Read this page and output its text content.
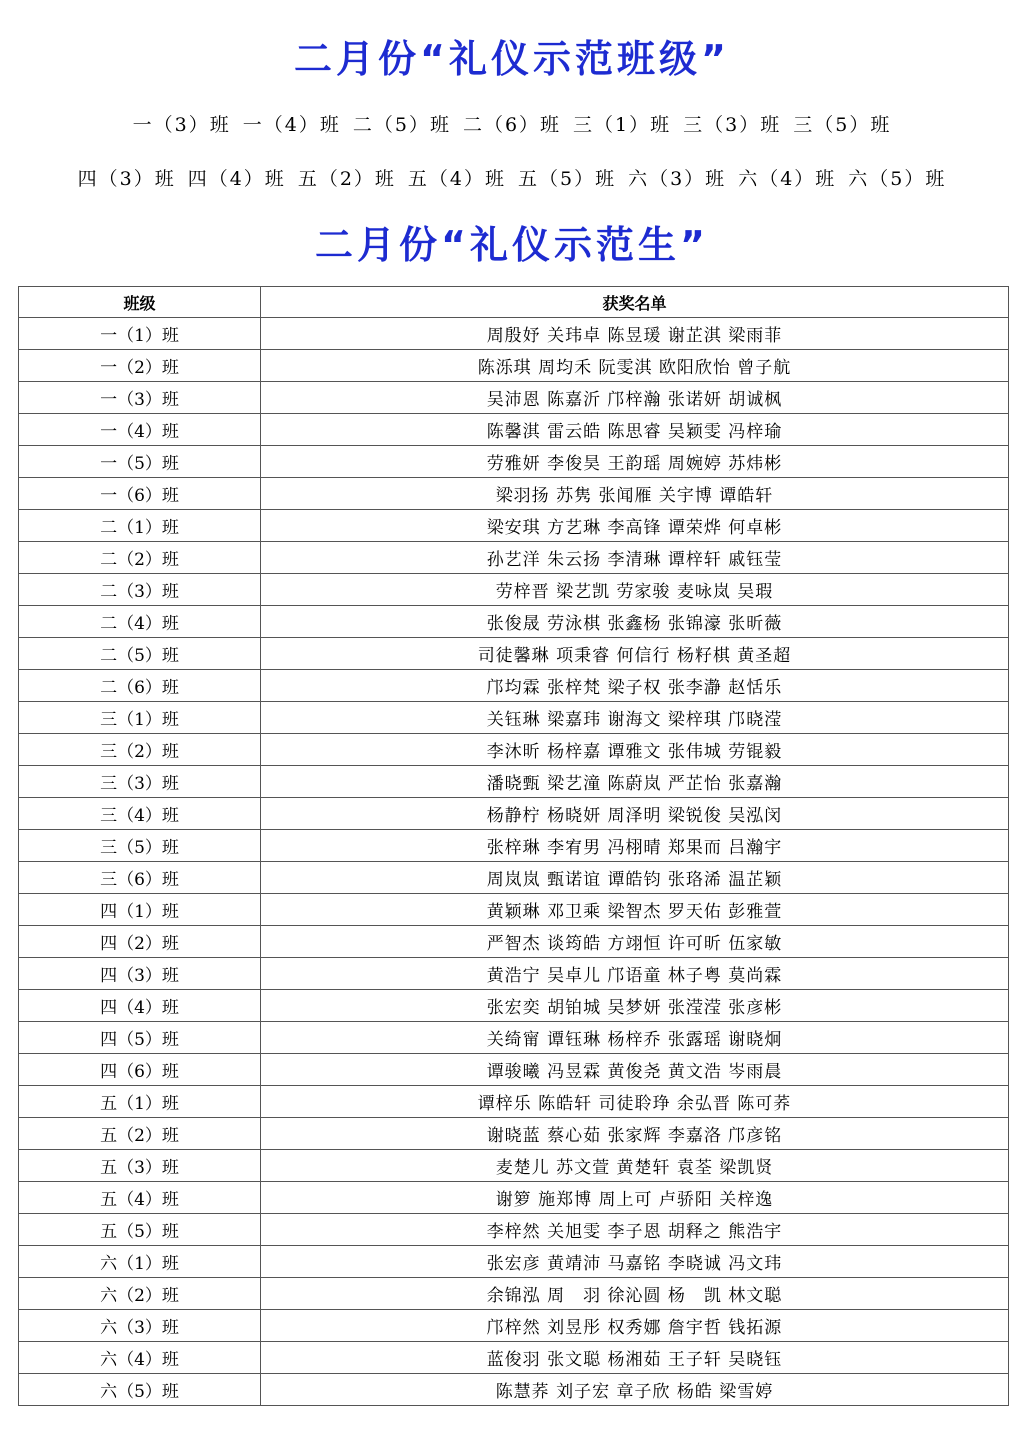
二月份“礼仪示范班级”
一（3）班 一（4）班 二（5）班 二（6）班 三（1）班 三（3）班 三（5）班
四（3）班 四（4）班 五（2）班 五（4）班 五（5）班 六（3）班 六（4）班 六（5）班
二月份“礼仪示范生”
班级	获奖名单
一（1）班	周殷妤 关玮卓 陈昱瑗 谢芷淇 梁雨菲
一（2）班	陈泺琪 周均禾 阮雯淇 欧阳欣怡 曾子航
一（3）班	吴沛恩 陈嘉沂 邝梓瀚 张诺妍 胡诚枫
一（4）班	陈馨淇 雷云皓 陈思睿 吴颖雯 冯梓瑜
一（5）班	劳雅妍 李俊昊 王韵瑶 周婉婷 苏炜彬
一（6）班	梁羽扬 苏隽 张闻雁 关宇博 谭皓轩
二（1）班	梁安琪 方艺琳 李高锋 谭荣烨 何卓彬
二（2）班	孙艺洋 朱云扬 李清琳 谭梓轩 戚钰莹
二（3）班	劳梓晋 梁艺凯 劳家骏 麦咏岚 吴瑕
二（4）班	张俊晟 劳泳棋 张鑫杨 张锦濠 张昕薇
二（5）班	司徒馨琳 项秉睿 何信行 杨籽棋 黄圣超
二（6）班	邝均霖 张梓梵 梁子权 张李瀞 赵恬乐
三（1）班	关钰琳 梁嘉玮 谢海文 梁梓琪 邝晓滢
三（2）班	李沐昕 杨梓嘉 谭雅文 张伟城 劳锟毅
三（3）班	潘晓甄 梁艺潼 陈蔚岚 严芷怡 张嘉瀚
三（4）班	杨静柠 杨晓妍 周泽明 梁锐俊 吴泓闵
三（5）班	张梓琳 李宥男 冯栩晴 郑果而 吕瀚宇
三（6）班	周岚岚 甄诺谊 谭皓钧 张珞浠 温芷颖
四（1）班	黄颖琳 邓卫乘 梁智杰 罗天佑 彭雅萱
四（2）班	严智杰 谈筠皓 方翊恒 许可昕 伍家敏
四（3）班	黄浩宁 吴卓儿 邝语童 林子粤 莫尚霖
四（4）班	张宏奕 胡铂城 吴梦妍 张滢滢 张彦彬
四（5）班	关绮甯 谭钰琳 杨梓乔 张露瑶 谢晓炯
四（6）班	谭骏曦 冯昱霖 黄俊尧 黄文浩 岑雨晨
五（1）班	谭梓乐 陈皓轩 司徒聆琤 余弘晋 陈可荞
五（2）班	谢晓蓝 蔡心茹 张家辉 李嘉洛 邝彦铭
五（3）班	麦楚儿 苏文萱 黄楚轩 袁荃 梁凯贤
五（4）班	谢箩 施郑博 周上可 卢骄阳 关梓逸
五（5）班	李梓然 关旭雯 李子恩 胡释之 熊浩宇
六（1）班	张宏彦 黄靖沛 马嘉铭 李晓诚 冯文玮
六（2）班	余锦泓 周　羽 徐沁圆 杨　凯 林文聪
六（3）班	邝梓然 刘昱彤 权秀娜 詹宇哲 钱拓源
六（4）班	蓝俊羽 张文聪 杨湘茹 王子轩 吴晓钰
六（5）班	陈慧荞 刘子宏 章子欣 杨皓 梁雪婷
